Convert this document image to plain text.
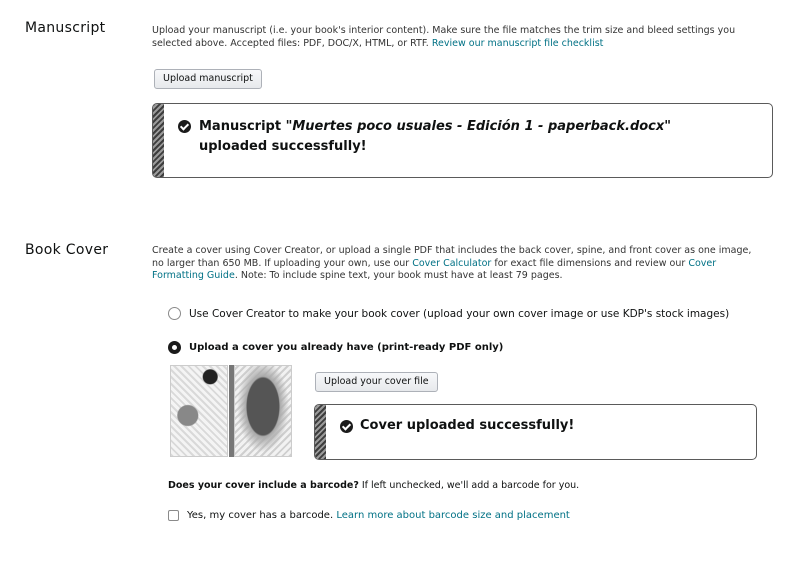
Manuscript	Upload your manuscript (i.e. your book's interior content). Make sure the file matches the trim size and bleed settings you selected above. Accepted files: PDF, DOC/X, HTML, or RTF. Review our manuscript file checklist
Upload manuscript
Manuscript "Muertes poco usuales - Edición 1 - paperback.docx" uploaded successfully!
Book Cover	Create a cover using Cover Creator, or upload a single PDF that includes the back cover, spine, and front cover as one image, no larger than 650 MB. If uploading your own, use our Cover Calculator for exact file dimensions and review our Cover Formatting Guide. Note: To include spine text, your book must have at least 79 pages.
Use Cover Creator to make your book cover (upload your own cover image or use KDP's stock images)
Upload a cover you already have (print-ready PDF only)
Upload your cover file
Cover uploaded successfully!
Does your cover include a barcode? If left unchecked, we'll add a barcode for you.
Yes, my cover has a barcode.
Learn more about barcode size and placement
